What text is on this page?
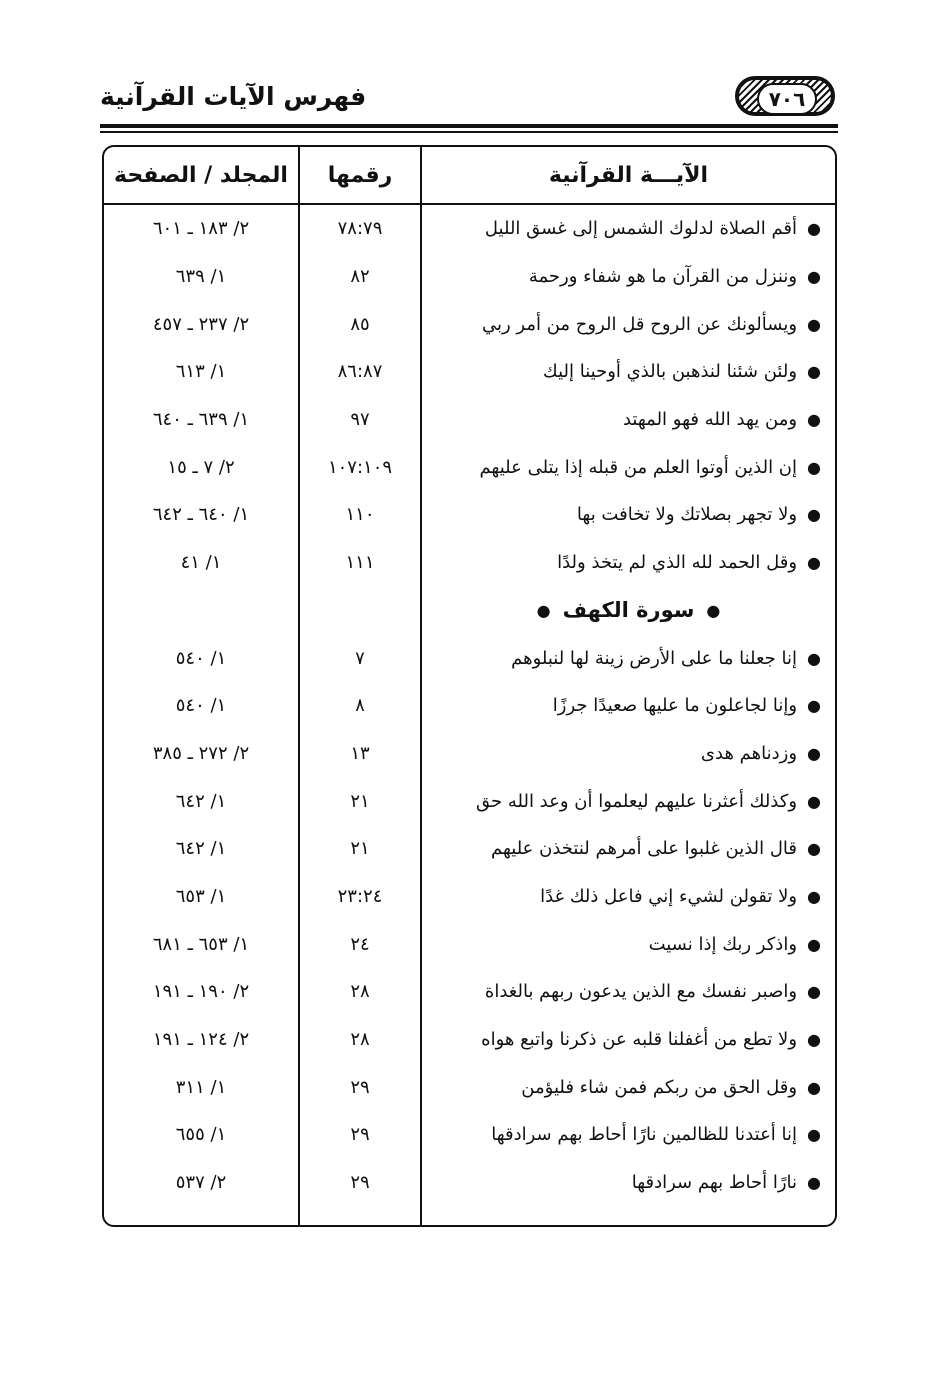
فهرس الآيات القرآنية	٧٠٦
الآيـــة القرآنية
رقمها
المجلد / الصفحة
●
أقم الصلاة لدلوك الشمس إلى غسق الليل
٧٨:٧٩
٢/ ١٨٣ ـ ٦٠١
●
وننزل من القرآن ما هو شفاء ورحمة
٨٢
١/ ٦٣٩
●
ويسألونك عن الروح قل الروح من أمر ربي
٨٥
٢/ ٢٣٧ ـ ٤٥٧
●
ولئن شئنا لنذهبن بالذي أوحينا إليك
٨٦:٨٧
١/ ٦١٣
●
ومن يهد الله فهو المهتد
٩٧
١/ ٦٣٩ ـ ٦٤٠
●
إن الذين أوتوا العلم من قبله إذا يتلى عليهم
١٠٧:١٠٩
٢/ ٧ ـ ١٥
●
ولا تجهر بصلاتك ولا تخافت بها
١١٠
١/ ٦٤٠ ـ ٦٤٢
●
وقل الحمد لله الذي لم يتخذ ولدًا
١١١
١/ ٤١
●
سورة الكهف
●
●
إنا جعلنا ما على الأرض زينة لها لنبلوهم
٧
١/ ٥٤٠
●
وإنا لجاعلون ما عليها صعيدًا جرزًا
٨
١/ ٥٤٠
●
وزدناهم هدى
١٣
٢/ ٢٧٢ ـ ٣٨٥
●
وكذلك أعثرنا عليهم ليعلموا أن وعد الله حق
٢١
١/ ٦٤٢
●
قال الذين غلبوا على أمرهم لنتخذن عليهم
٢١
١/ ٦٤٢
●
ولا تقولن لشيء إني فاعل ذلك غدًا
٢٣:٢٤
١/ ٦٥٣
●
واذكر ربك إذا نسيت
٢٤
١/ ٦٥٣ ـ ٦٨١
●
واصبر نفسك مع الذين يدعون ربهم بالغداة
٢٨
٢/ ١٩٠ ـ ١٩١
●
ولا تطع من أغفلنا قلبه عن ذكرنا واتبع هواه
٢٨
٢/ ١٢٤ ـ ١٩١
●
وقل الحق من ربكم فمن شاء فليؤمن
٢٩
١/ ٣١١
●
إنا أعتدنا للظالمين نارًا أحاط بهم سرادقها
٢٩
١/ ٦٥٥
●
نارًا أحاط بهم سرادقها
٢٩
٢/ ٥٣٧
